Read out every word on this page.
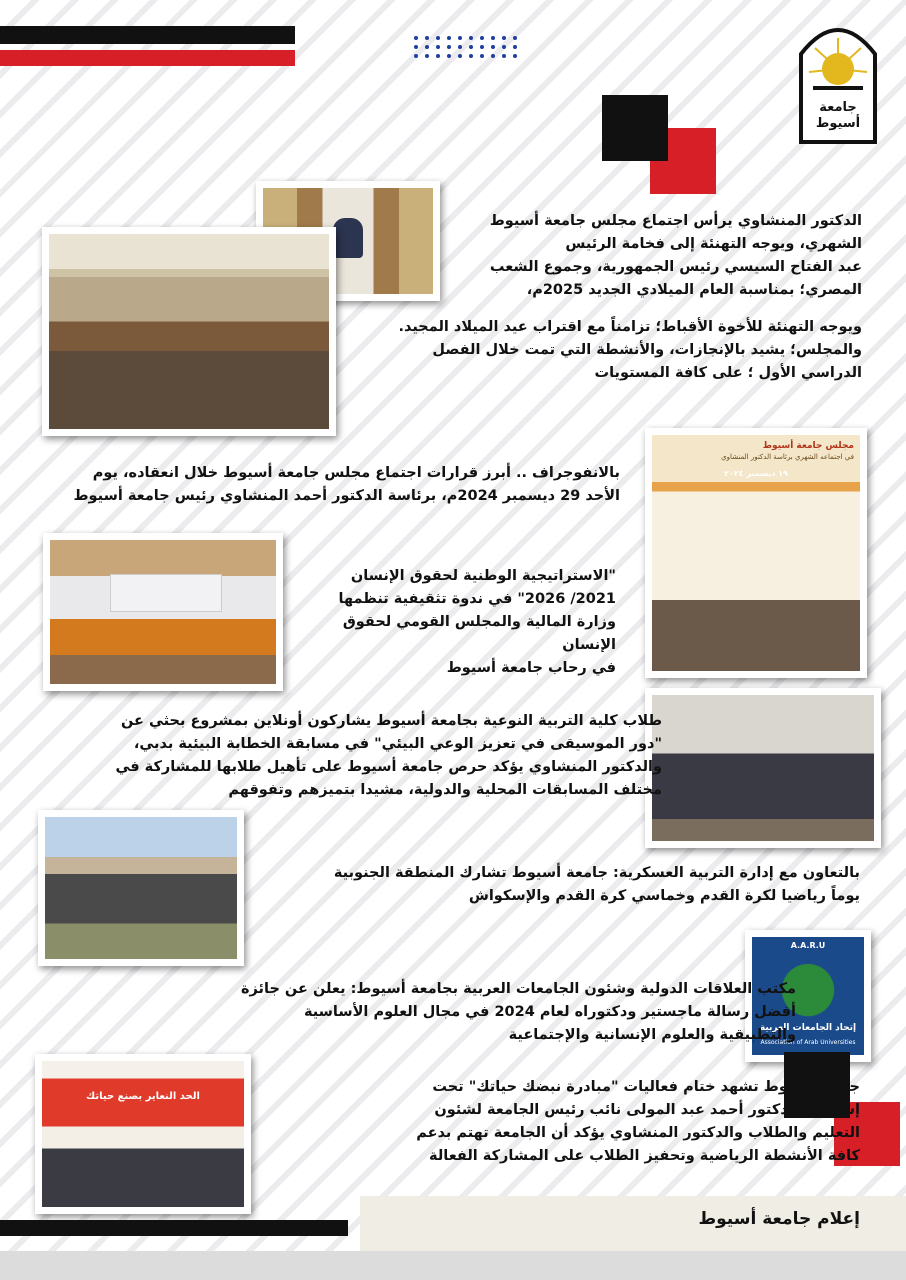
جامعة أسيوط

الدكتور المنشاوي يرأس اجتماع مجلس جامعة أسيوط

الشهري، ويوجه التهنئة إلى فخامة الرئيس

عبد الفتاح السيسي رئيس الجمهورية، وجموع الشعب

المصري؛ بمناسبة العام الميلادي الجديد 2025م،

ويوجه التهنئة للأخوة الأقباط؛ تزامناً مع اقتراب عيد الميلاد المجيد.

والمجلس؛ يشيد بالإنجازات، والأنشطة التي تمت خلال الفصل

الدراسي الأول ؛ على كافة المستويات

مجلس جامعة أسيوط
في اجتماعه الشهري برئاسة الدكتور المنشاوي
١٩ ديسمبر ٢٠٢٤

بالانفوجراف .. أبرز قرارات اجتماع مجلس جامعة أسيوط خلال انعقاده، يوم

الأحد 29 ديسمبر 2024م، برئاسة الدكتور أحمد المنشاوي رئيس جامعة أسيوط

"الاستراتيجية الوطنية لحقوق الإنسان

2021/ 2026" في ندوة تثقيفية تنظمها

وزارة المالية والمجلس القومي لحقوق الإنسان

في رحاب جامعة أسيوط

طلاب كلية التربية النوعية بجامعة أسيوط يشاركون أونلاين بمشروع بحثي عن

"دور الموسيقى في تعزيز الوعي البيئي" في مسابقة الخطابة البيئية بدبي،

والدكتور المنشاوي يؤكد حرص جامعة أسيوط على تأهيل طلابها للمشاركة في

مختلف المسابقات المحلية والدولية، مشيدا بتميزهم وتفوقهم

بالتعاون مع إدارة التربية العسكرية: جامعة أسيوط تشارك المنطقة الجنوبية

يوماً رياضيا لكرة القدم وخماسي كرة القدم والإسكواش

A.A.R.U
إتحاد الجامعات العربية
Association of Arab Universities

مكتب العلاقات الدولية وشئون الجامعات العربية بجامعة أسيوط: يعلن عن جائزة

أفضل رسالة ماجستير ودكتوراه لعام 2024 في مجال العلوم الأساسية

والتطبيقية والعلوم الإنسانية والإجتماعية

الحد النعاير بصنع حياتك

جامعة أسيوط تشهد ختام فعاليات "مبادرة نبضك حياتك" تحت

إشراف؛ الدكتور أحمد عبد المولى نائب رئيس الجامعة لشئون

التعليم والطلاب والدكتور المنشاوي يؤكد أن الجامعة تهتم بدعم

كافة الأنشطة الرياضية وتحفيز الطلاب على المشاركة الفعالة

إعلام جامعة أسيوط
